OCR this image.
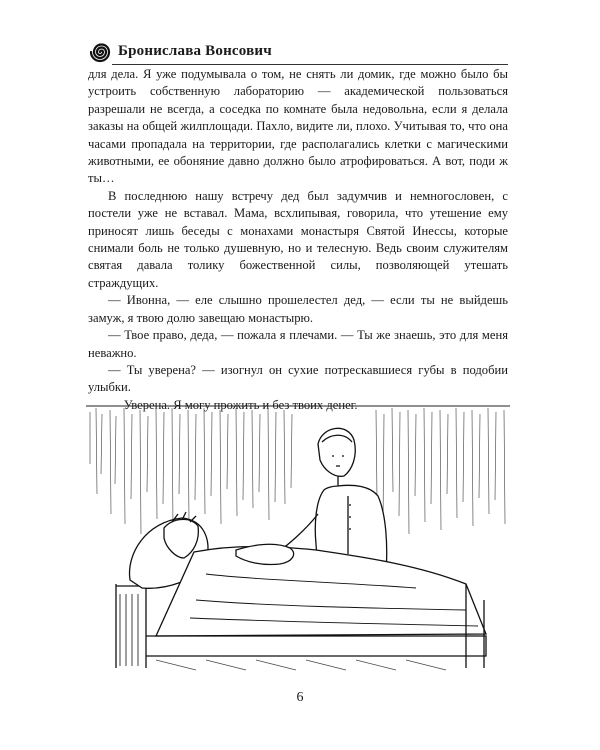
Бронислава Вонсович

для дела. Я уже подумывала о том, не снять ли домик, где можно было бы устроить собственную лабораторию — академической пользоваться разрешали не всегда, а соседка по комнате была недовольна, если я делала заказы на общей жилплощади. Пахло, видите ли, плохо. Учитывая то, что она часами пропадала на территории, где располагались клетки с магическими животными, ее обоняние давно должно было атрофироваться. А вот, поди ж ты…

В последнюю нашу встречу дед был задумчив и немногословен, с постели уже не вставал. Мама, всхлипывая, говорила, что утешение ему приносят лишь беседы с монахами монастыря Святой Инессы, которые снимали боль не только душевную, но и телесную. Ведь своим служителям святая давала толику божественной силы, позволяющей утешать страждущих.

— Ивонна, — еле слышно прошелестел дед, — если ты не выйдешь замуж, я твою долю завещаю монастырю.

— Твое право, деда, — пожала я плечами. — Ты же знаешь, это для меня неважно.

— Ты уверена? — изогнул он сухие потрескавшиеся губы в подобии улыбки.

— Уверена. Я могу прожить и без твоих денег.

6
